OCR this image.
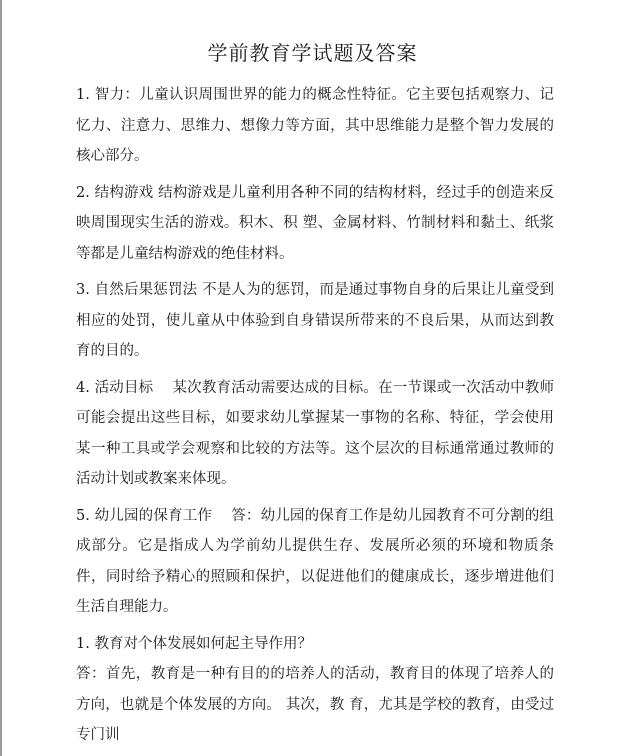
学前教育学试题及答案

1. 智力：儿童认识周围世界的能力的概念性特征。它主要包括观察力、记忆力、注意力、思维力、想像力等方面，其中思维能力是整个智力发展的核心部分。

2. 结构游戏 结构游戏是儿童利用各种不同的结构材料，经过手的创造来反映周围现实生活的游戏。积木、积 塑、金属材料、竹制材料和黏土、纸浆等都是儿童结构游戏的绝佳材料。

3. 自然后果惩罚法 不是人为的惩罚，而是通过事物自身的后果让儿童受到相应的处罚，使儿童从中体验到自身错误所带来的不良后果，从而达到教育的目的。

4. 活动目标    某次教育活动需要达成的目标。在一节课或一次活动中教师可能会提出这些目标，如要求幼儿掌握某一事物的名称、特征，学会使用某一种工具或学会观察和比较的方法等。这个层次的目标通常通过教师的活动计划或教案来体现。

5. 幼儿园的保育工作    答：幼儿园的保育工作是幼儿园教育不可分割的组成部分。它是指成人为学前幼儿提供生存、发展所必须的环境和物质条件，同时给予精心的照顾和保护，以促进他们的健康成长，逐步增进他们生活自理能力。

1. 教育对个体发展如何起主导作用？

答：首先，教育是一种有目的的培养人的活动，教育目的体现了培养人的方向，也就是个体发展的方向。 其次，教 育，尤其是学校的教育，由受过专门训
